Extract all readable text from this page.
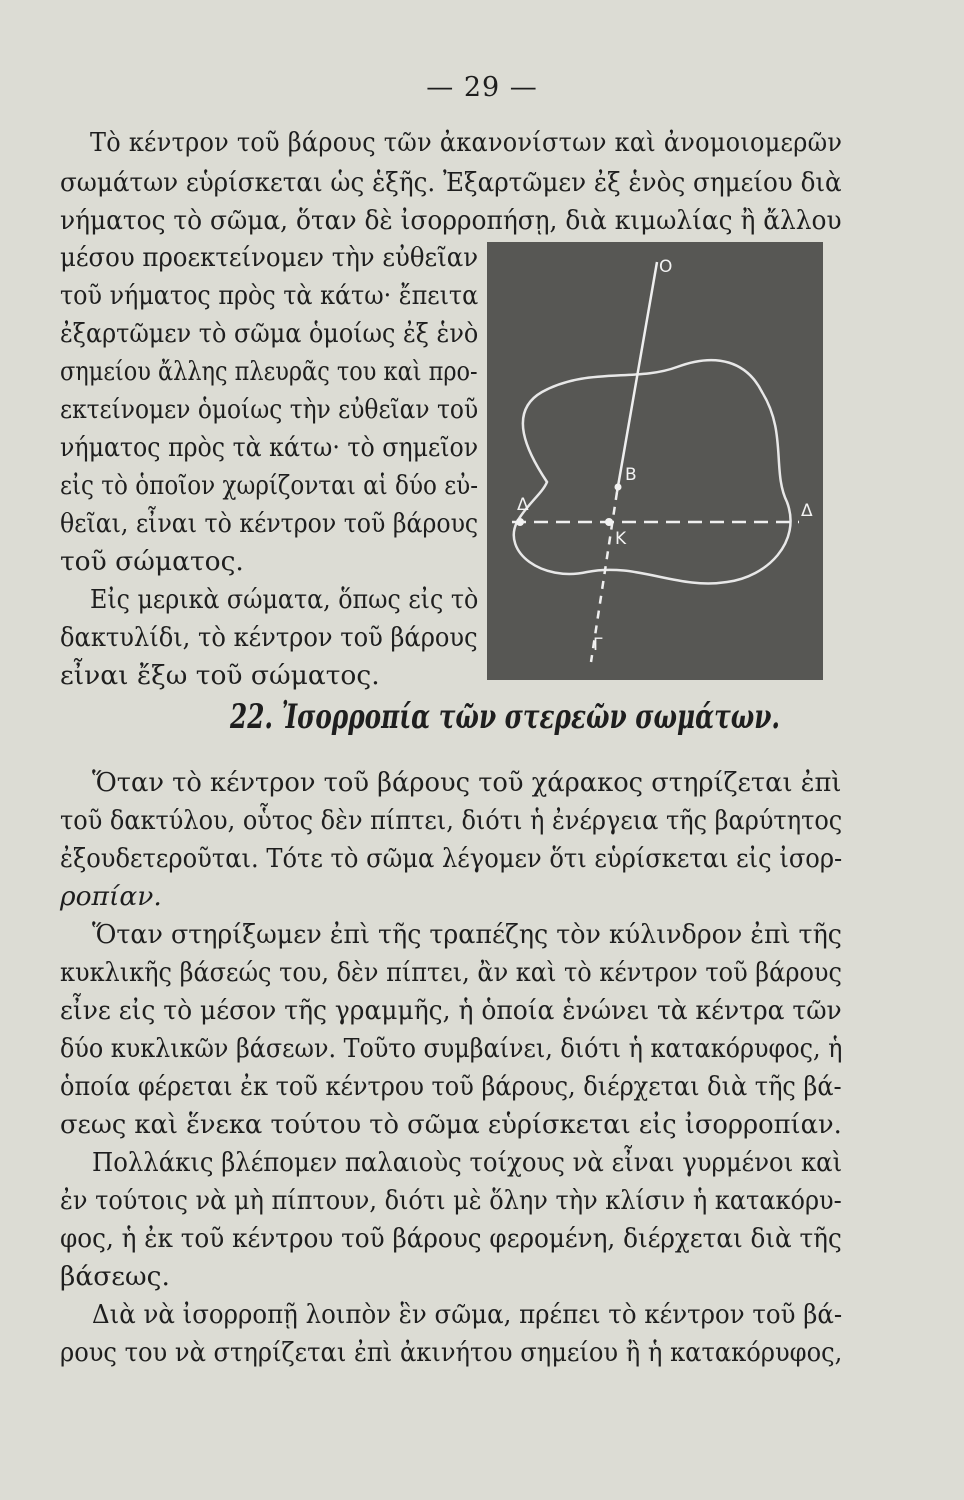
— 29 —
Τὸ κέντρον τοῦ βάρους τῶν ἀκανονίστων καὶ ἀνομοιομερῶν
σωμάτων εὑρίσκεται ὡς ἑξῆς. Ἐξαρτῶμεν ἐξ ἑνὸς σημείου διὰ
νήματος τὸ σῶμα, ὅταν δὲ ἰσορροπήσῃ, διὰ κιμωλίας ἢ ἄλλου
μέσου προεκτείνομεν τὴν εὐθεῖαν
τοῦ νήματος πρὸς τὰ κάτω· ἔπειτα
ἐξαρτῶμεν τὸ σῶμα ὁμοίως ἐξ ἑνὸ
σημείου ἄλλης πλευρᾶς του καὶ προ-
εκτείνομεν ὁμοίως τὴν εὐθεῖαν τοῦ
νήματος πρὸς τὰ κάτω· τὸ σημεῖον
εἰς τὸ ὁποῖον χωρίζονται αἱ δύο εὐ-
θεῖαι, εἶναι τὸ κέντρον τοῦ βάρους
τοῦ σώματος.
Εἰς μερικὰ σώματα, ὅπως εἰς τὸ
δακτυλίδι, τὸ κέντρον τοῦ βάρους
εἶναι ἔξω τοῦ σώματος.
O
B
Δ	Δ
K
Γ
22. Ἰσορροπία τῶν στερεῶν σωμάτων.
Ὅταν τὸ κέντρον τοῦ βάρους τοῦ χάρακος στηρίζεται ἐπὶ
τοῦ δακτύλου, οὗτος δὲν πίπτει, διότι ἡ ἐνέργεια τῆς βαρύτητος
ἐξουδετεροῦται. Τότε τὸ σῶμα λέγομεν ὅτι εὑρίσκεται εἰς ἰσορ-
ροπίαν.
Ὅταν στηρίξωμεν ἐπὶ τῆς τραπέζης τὸν κύλινδρον ἐπὶ τῆς
κυκλικῆς βάσεώς του, δὲν πίπτει, ἂν καὶ τὸ κέντρον τοῦ βάρους
εἶνε εἰς τὸ μέσον τῆς γραμμῆς, ἡ ὁποία ἑνώνει τὰ κέντρα τῶν
δύο κυκλικῶν βάσεων. Τοῦτο συμβαίνει, διότι ἡ κατακόρυφος, ἡ
ὁποία φέρεται ἐκ τοῦ κέντρου τοῦ βάρους, διέρχεται διὰ τῆς βά-
σεως καὶ ἕνεκα τούτου τὸ σῶμα εὑρίσκεται εἰς ἰσορροπίαν.
Πολλάκις βλέπομεν παλαιοὺς τοίχους νὰ εἶναι γυρμένοι καὶ
ἐν τούτοις νὰ μὴ πίπτουν, διότι μὲ ὅλην τὴν κλίσιν ἡ κατακόρυ-
φος, ἡ ἐκ τοῦ κέντρου τοῦ βάρους φερομένη, διέρχεται διὰ τῆς
βάσεως.
Διὰ νὰ ἰσορροπῇ λοιπὸν ἓν σῶμα, πρέπει τὸ κέντρον τοῦ βά-
ρους του νὰ στηρίζεται ἐπὶ ἀκινήτου σημείου ἢ ἡ κατακόρυφος,
